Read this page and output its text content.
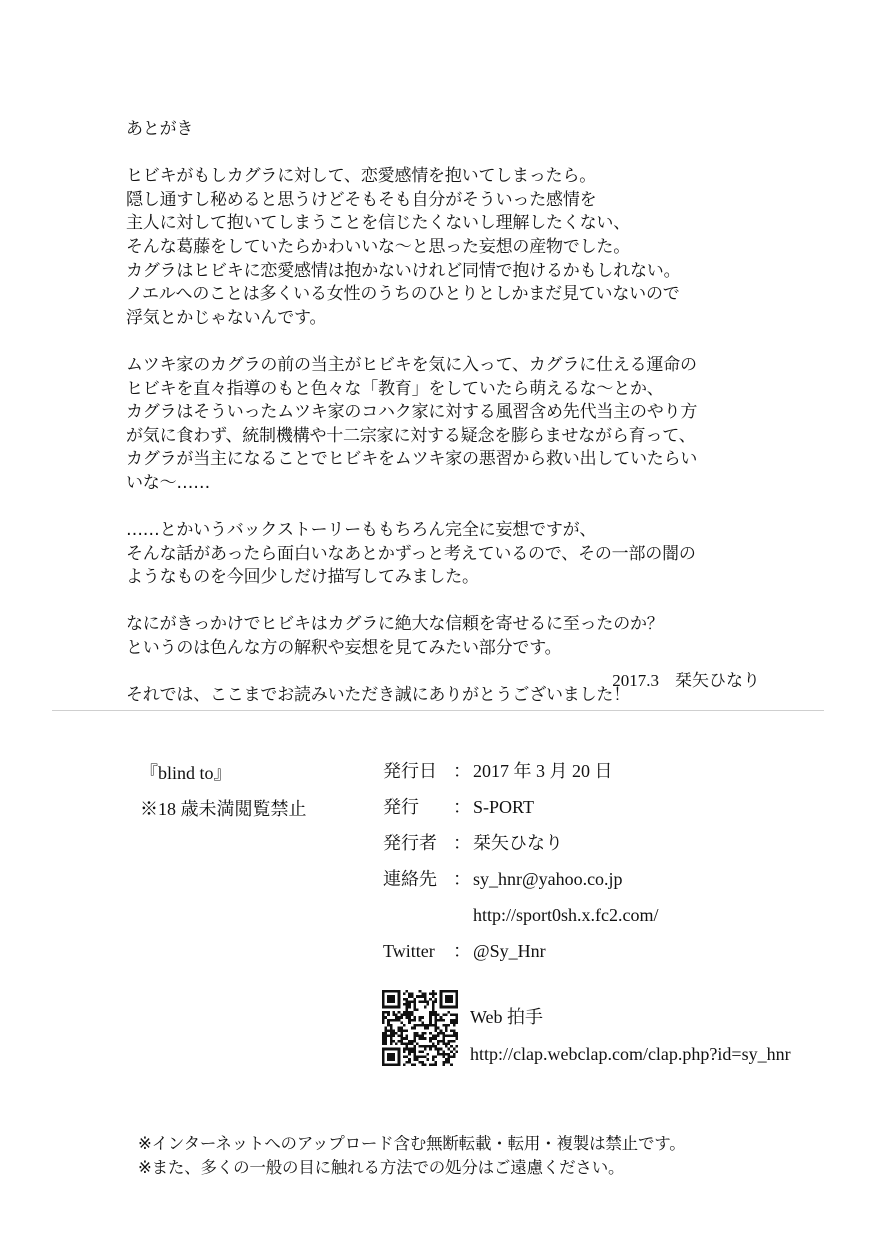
あとがき
ヒビキがもしカグラに対して、恋愛感情を抱いてしまったら。
隠し通すし秘めると思うけどそもそも自分がそういった感情を
主人に対して抱いてしまうことを信じたくないし理解したくない、
そんな葛藤をしていたらかわいいな〜と思った妄想の産物でした。
カグラはヒビキに恋愛感情は抱かないけれど同情で抱けるかもしれない。
ノエルへのことは多くいる女性のうちのひとりとしかまだ見ていないので
浮気とかじゃないんです。
ムツキ家のカグラの前の当主がヒビキを気に入って、カグラに仕える運命の
ヒビキを直々指導のもと色々な「教育」をしていたら萌えるな〜とか、
カグラはそういったムツキ家のコハク家に対する風習含め先代当主のやり方
が気に食わず、統制機構や十二宗家に対する疑念を膨らませながら育って、
カグラが当主になることでヒビキをムツキ家の悪習から救い出していたらい
いな〜……
……とかいうバックストーリーももちろん完全に妄想ですが、
そんな話があったら面白いなあとかずっと考えているので、その一部の闇の
ようなものを今回少しだけ描写してみました。
なにがきっかけでヒビキはカグラに絶大な信頼を寄せるに至ったのか？
というのは色んな方の解釈や妄想を見てみたい部分です。
それでは、ここまでお読みいただき誠にありがとうございました！
2017.3 栞矢ひなり
『blind to』
※18 歳未満閲覧禁止
発行日 ： 2017 年 3 月 20 日
発行 ： S-PORT
発行者 ： 栞矢ひなり
連絡先 ： sy_hnr@yahoo.co.jp
http://sport0sh.x.fc2.com/
Twitter ： @Sy_Hnr
Web 拍手
http://clap.webclap.com/clap.php?id=sy_hnr
※インターネットへのアップロード含む無断転載・転用・複製は禁止です。
※また、多くの一般の目に触れる方法での処分はご遠慮ください。
